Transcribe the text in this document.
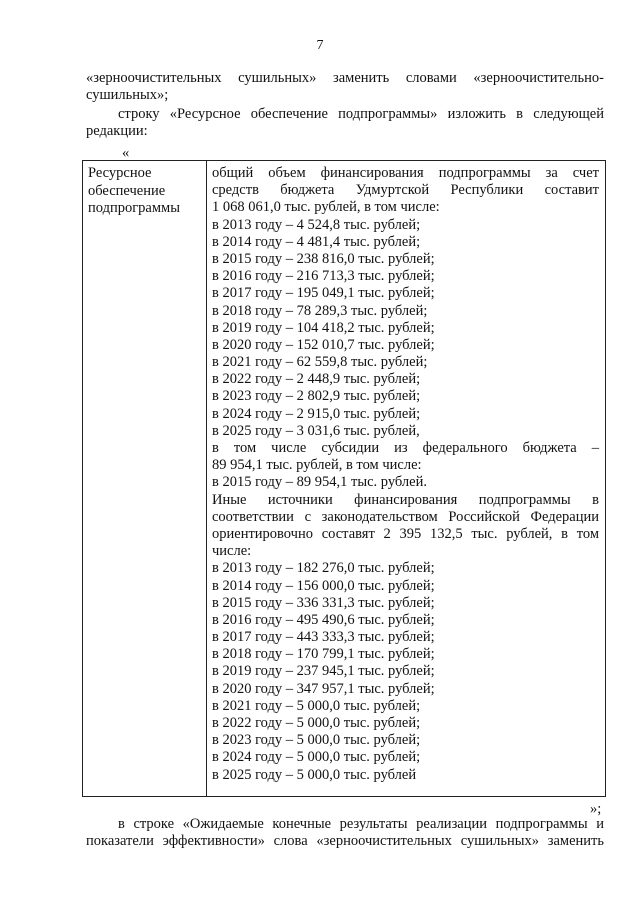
7
«зерноочистительных сушильных» заменить словами «зерноочистительно-
сушильных»;
строку «Ресурсное обеспечение подпрограммы» изложить в следующей
редакции:
«
Ресурсное
обеспечение
подпрограммы
общий объем финансирования подпрограммы за счет
средств бюджета Удмуртской Республики составит
1 068 061,0 тыс. рублей, в том числе:
в 2013 году – 4 524,8 тыс. рублей;
в 2014 году – 4 481,4 тыс. рублей;
в 2015 году – 238 816,0 тыс. рублей;
в 2016 году – 216 713,3 тыс. рублей;
в 2017 году – 195 049,1 тыс. рублей;
в 2018 году – 78 289,3 тыс. рублей;
в 2019 году – 104 418,2 тыс. рублей;
в 2020 году – 152 010,7 тыс. рублей;
в 2021 году – 62 559,8 тыс. рублей;
в 2022 году – 2 448,9 тыс. рублей;
в 2023 году – 2 802,9 тыс. рублей;
в 2024 году – 2 915,0 тыс. рублей;
в 2025 году – 3 031,6 тыс. рублей,
в том числе субсидии из федерального бюджета –
89 954,1 тыс. рублей, в том числе:
в 2015 году – 89 954,1 тыс. рублей.
Иные источники финансирования подпрограммы в
соответствии с законодательством Российской Федерации
ориентировочно составят 2 395 132,5 тыс. рублей, в том
числе:
в 2013 году – 182 276,0 тыс. рублей;
в 2014 году – 156 000,0 тыс. рублей;
в 2015 году – 336 331,3 тыс. рублей;
в 2016 году – 495 490,6 тыс. рублей;
в 2017 году – 443 333,3 тыс. рублей;
в 2018 году – 170 799,1 тыс. рублей;
в 2019 году – 237 945,1 тыс. рублей;
в 2020 году – 347 957,1 тыс. рублей;
в 2021 году – 5 000,0 тыс. рублей;
в 2022 году – 5 000,0 тыс. рублей;
в 2023 году – 5 000,0 тыс. рублей;
в 2024 году – 5 000,0 тыс. рублей;
в 2025 году – 5 000,0 тыс. рублей
»;
в строке «Ожидаемые конечные результаты реализации подпрограммы и
показатели эффективности» слова «зерноочистительных сушильных» заменить
